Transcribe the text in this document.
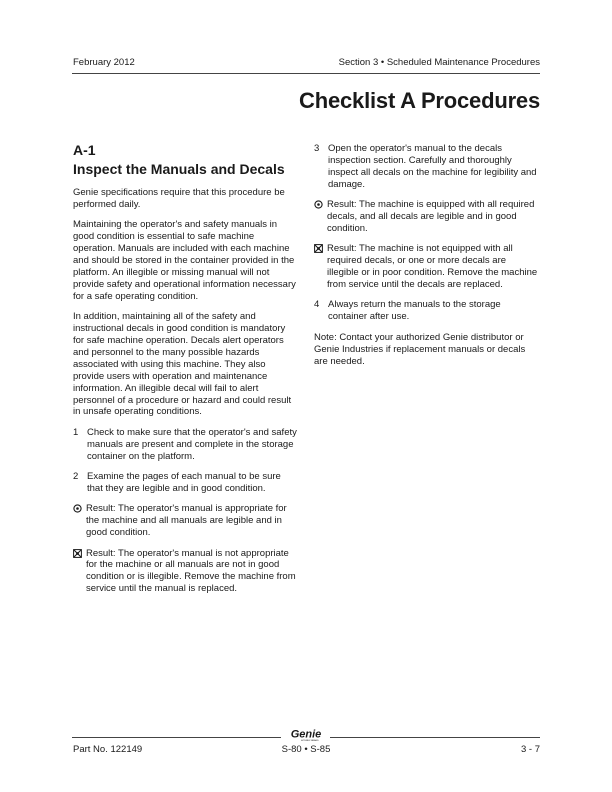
February 2012	Section 3 • Scheduled Maintenance Procedures
Checklist A Procedures
A-1
Inspect the Manuals and Decals

Genie specifications require that this procedure be performed daily.

Maintaining the operator's and safety manuals in good condition is essential to safe machine operation. Manuals are included with each machine and should be stored in the container provided in the platform. An illegible or missing manual will not provide safety and operational information necessary for a safe operating condition.

In addition, maintaining all of the safety and instructional decals in good condition is mandatory for safe machine operation. Decals alert operators and personnel to the many possible hazards associated with using this machine. They also provide users with operation and maintenance information. An illegible decal will fail to alert personnel of a procedure or hazard and could result in unsafe operating conditions.

1 Check to make sure that the operator's and safety manuals are present and complete in the storage container on the platform.
2 Examine the pages of each manual to be sure that they are legible and in good condition.
Result: The operator's manual is appropriate for the machine and all manuals are legible and in good condition.
Result: The operator's manual is not appropriate for the machine or all manuals are not in good condition or is illegible. Remove the machine from service until the manual is replaced.
3 Open the operator's manual to the decals inspection section. Carefully and thoroughly inspect all decals on the machine for legibility and damage.
Result: The machine is equipped with all required decals, and all decals are legible and in good condition.
Result: The machine is not equipped with all required decals, or one or more decals are illegible or in poor condition. Remove the machine from service until the decals are replaced.
4 Always return the manuals to the storage container after use.

Note: Contact your authorized Genie distributor or Genie Industries if replacement manuals or decals are needed.

Genie
A TEREX BRAND
Part No. 122149	S-80 • S-85	3 - 7
